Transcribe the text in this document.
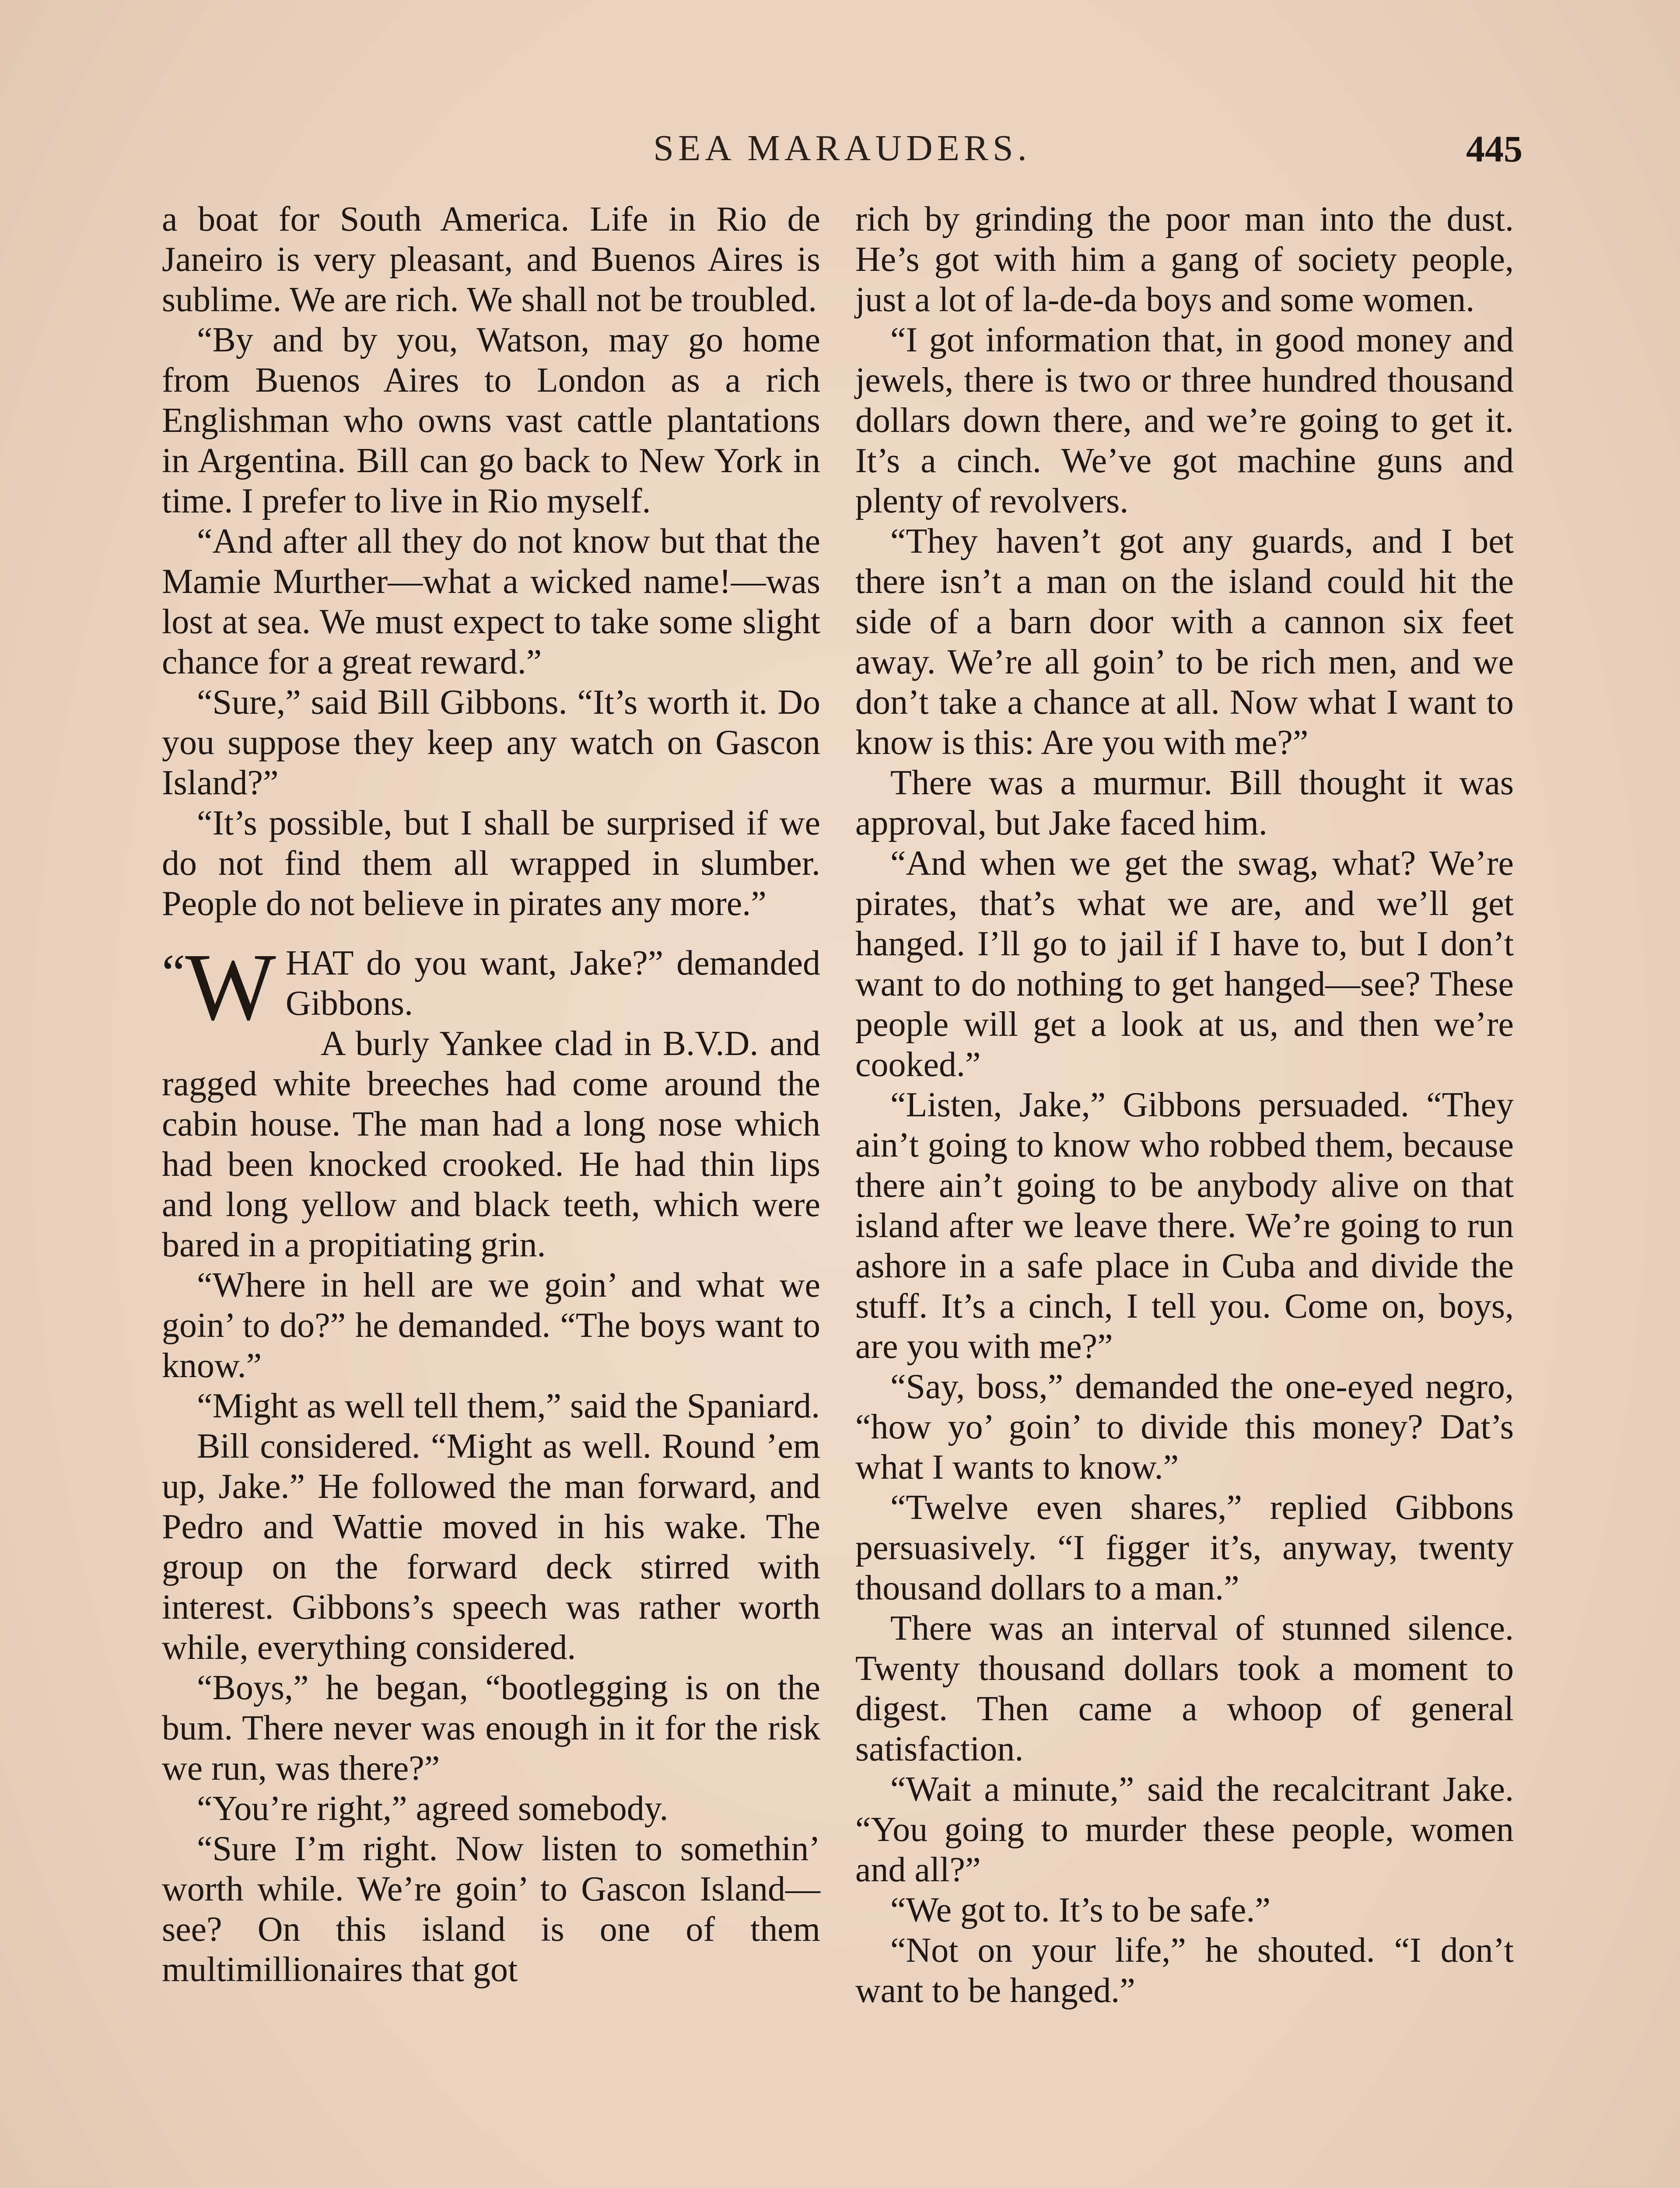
SEA MARAUDERS.	445

a boat for South America. Life in Rio de Janeiro is very pleasant, and Buenos Aires is sublime. We are rich. We shall not be troubled.

“By and by you, Watson, may go home from Buenos Aires to London as a rich Englishman who owns vast cattle plantations in Argentina. Bill can go back to New York in time. I prefer to live in Rio myself.

“And after all they do not know but that the Mamie Murther—what a wicked name!—was lost at sea. We must expect to take some slight chance for a great reward.”

“Sure,” said Bill Gibbons. “It’s worth it. Do you suppose they keep any watch on Gascon Island?”

“It’s possible, but I shall be surprised if we do not find them all wrapped in slumber. People do not believe in pirates any more.”

“W HAT do you want, Jake?” demanded Gibbons.

A burly Yankee clad in B.V.D. and ragged white breeches had come around the cabin house. The man had a long nose which had been knocked crooked. He had thin lips and long yellow and black teeth, which were bared in a propitiating grin.

“Where in hell are we goin’ and what we goin’ to do?” he demanded. “The boys want to know.”

“Might as well tell them,” said the Spaniard.

Bill considered. “Might as well. Round ’em up, Jake.” He followed the man forward, and Pedro and Wattie moved in his wake. The group on the forward deck stirred with interest. Gibbons’s speech was rather worth while, everything considered.

“Boys,” he began, “bootlegging is on the bum. There never was enough in it for the risk we run, was there?”

“You’re right,” agreed somebody.

“Sure I’m right. Now listen to somethin’ worth while. We’re goin’ to Gascon Island—see? On this island is one of them multimillionaires that got

rich by grinding the poor man into the dust. He’s got with him a gang of society people, just a lot of la-de-da boys and some women.

“I got information that, in good money and jewels, there is two or three hundred thousand dollars down there, and we’re going to get it. It’s a cinch. We’ve got machine guns and plenty of revolvers.

“They haven’t got any guards, and I bet there isn’t a man on the island could hit the side of a barn door with a cannon six feet away. We’re all goin’ to be rich men, and we don’t take a chance at all. Now what I want to know is this: Are you with me?”

There was a murmur. Bill thought it was approval, but Jake faced him.

“And when we get the swag, what? We’re pirates, that’s what we are, and we’ll get hanged. I’ll go to jail if I have to, but I don’t want to do nothing to get hanged—see? These people will get a look at us, and then we’re cooked.”

“Listen, Jake,” Gibbons persuaded. “They ain’t going to know who robbed them, because there ain’t going to be anybody alive on that island after we leave there. We’re going to run ashore in a safe place in Cuba and divide the stuff. It’s a cinch, I tell you. Come on, boys, are you with me?”

“Say, boss,” demanded the one-eyed negro, “how yo’ goin’ to divide this money? Dat’s what I wants to know.”

“Twelve even shares,” replied Gibbons persuasively. “I figger it’s, anyway, twenty thousand dollars to a man.”

There was an interval of stunned silence. Twenty thousand dollars took a moment to digest. Then came a whoop of general satisfaction.

“Wait a minute,” said the recalcitrant Jake. “You going to murder these people, women and all?”

“We got to. It’s to be safe.”

“Not on your life,” he shouted. “I don’t want to be hanged.”
